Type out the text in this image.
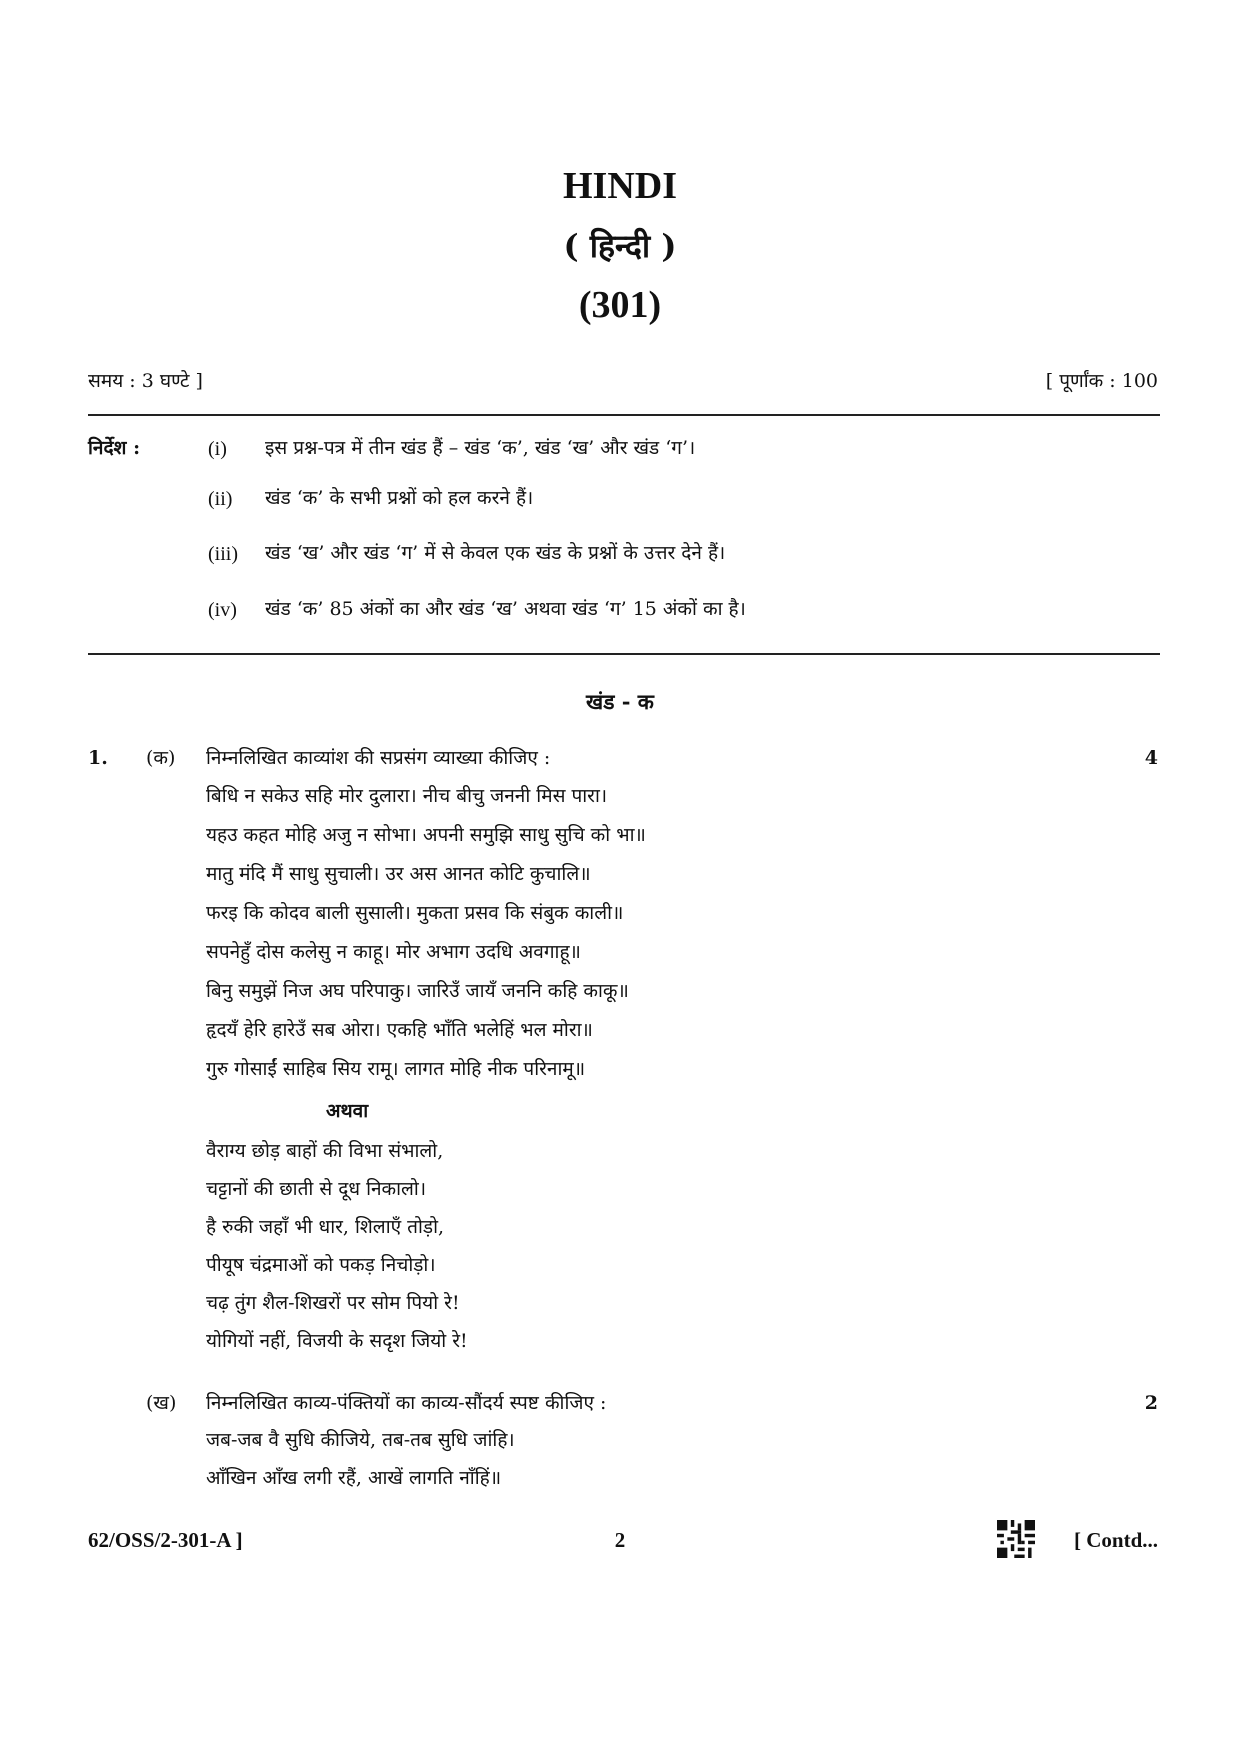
HINDI
( हिन्दी )
(301)
समय : 3 घण्टे ]	[ पूर्णांक : 100
निर्देश :	(i) इस प्रश्न-पत्र में तीन खंड हैं – खंड ‘क’, खंड ‘ख’ और खंड ‘ग’।
(ii) खंड ‘क’ के सभी प्रश्नों को हल करने हैं।
(iii) खंड ‘ख’ और खंड ‘ग’ में से केवल एक खंड के प्रश्नों के उत्तर देने हैं।
(iv) खंड ‘क’ 85 अंकों का और खंड ‘ख’ अथवा खंड ‘ग’ 15 अंकों का है।
खंड - क
1. (क) निम्नलिखित काव्यांश की सप्रसंग व्याख्या कीजिए :	4
बिधि न सकेउ सहि मोर दुलारा। नीच बीचु जननी मिस पारा।
यहउ कहत मोहि अजु न सोभा। अपनी समुझि साधु सुचि को भा॥
मातु मंदि मैं साधु सुचाली। उर अस आनत कोटि कुचालि॥
फरइ कि कोदव बाली सुसाली। मुकता प्रसव कि संबुक काली॥
सपनेहुँ दोस कलेसु न काहू। मोर अभाग उदधि अवगाहू॥
बिनु समुझें निज अघ परिपाकु। जारिउँ जायँ जननि कहि काकू॥
हृदयँ हेरि हारेउँ सब ओरा। एकहि भाँति भलेहिं भल मोरा॥
गुरु गोसाईं साहिब सिय रामू। लागत मोहि नीक परिनामू॥
अथवा
वैराग्य छोड़ बाहों की विभा संभालो,
चट्टानों की छाती से दूध निकालो।
है रुकी जहाँ भी धार, शिलाएँ तोड़ो,
पीयूष चंद्रमाओं को पकड़ निचोड़ो।
चढ़ तुंग शैल-शिखरों पर सोम पियो रे!
योगियों नहीं, विजयी के सदृश जियो रे!
(ख) निम्नलिखित काव्य-पंक्तियों का काव्य-सौंदर्य स्पष्ट कीजिए :	2
जब-जब वै सुधि कीजिये, तब-तब सुधि जांहि।
आँखिन आँख लगी रहैं, आखें लागति नाँहिं॥
62/OSS/2-301-A ]	2	[ Contd...
